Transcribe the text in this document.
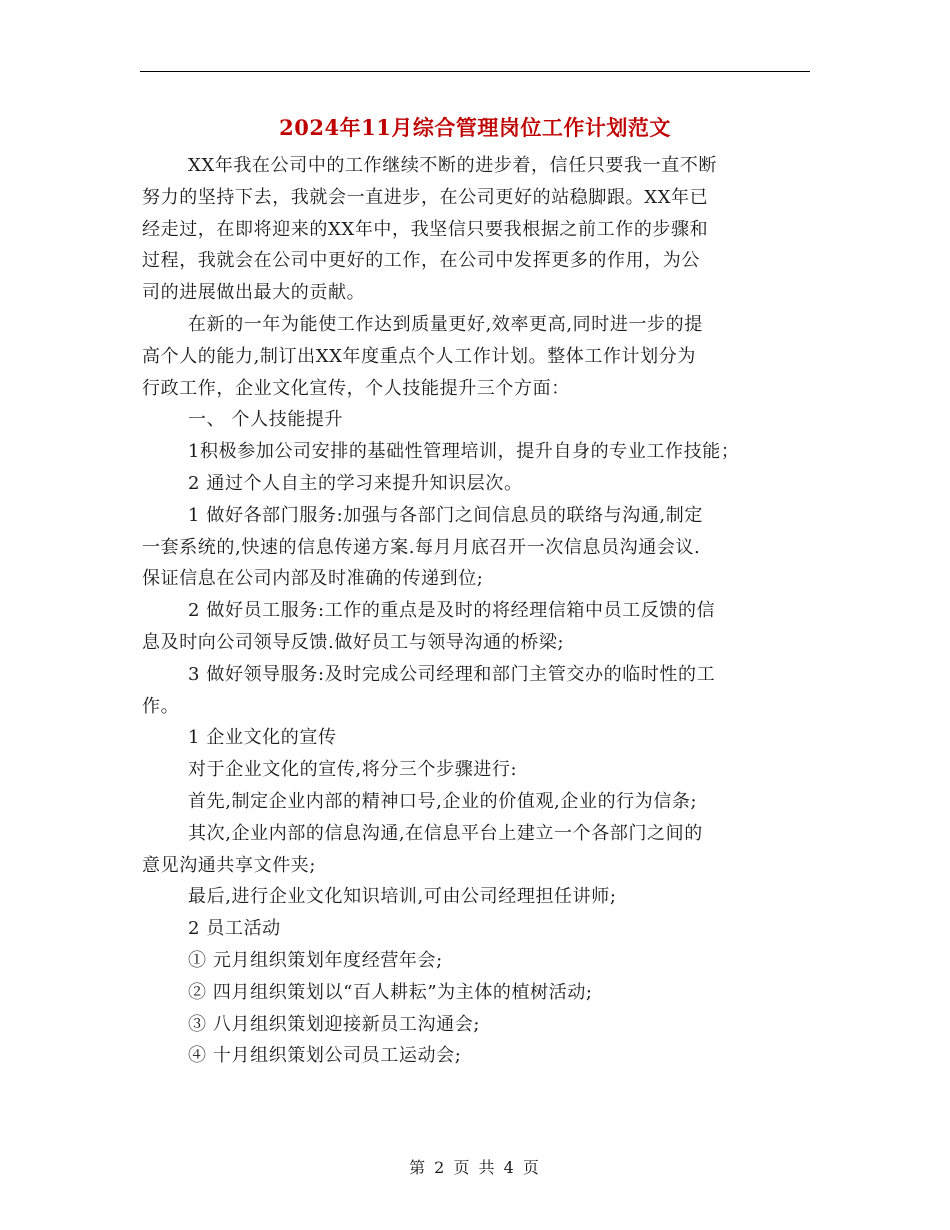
2024年11月综合管理岗位工作计划范文
XX年我在公司中的工作继续不断的进步着，信任只要我一直不断
努力的坚持下去，我就会一直进步，在公司更好的站稳脚跟。XX年已
经走过，在即将迎来的XX年中，我坚信只要我根据之前工作的步骤和
过程，我就会在公司中更好的工作，在公司中发挥更多的作用，为公
司的进展做出最大的贡献。
在新的一年为能使工作达到质量更好,效率更高,同时进一步的提
高个人的能力,制订出XX年度重点个人工作计划。整体工作计划分为
行政工作，企业文化宣传，个人技能提升三个方面：
一、 个人技能提升
1积极参加公司安排的基础性管理培训，提升自身的专业工作技能；
2 通过个人自主的学习来提升知识层次。
1 做好各部门服务:加强与各部门之间信息员的联络与沟通,制定
一套系统的,快速的信息传递方案.每月月底召开一次信息员沟通会议.
保证信息在公司内部及时准确的传递到位;
2 做好员工服务:工作的重点是及时的将经理信箱中员工反馈的信
息及时向公司领导反馈.做好员工与领导沟通的桥梁;
3 做好领导服务:及时完成公司经理和部门主管交办的临时性的工
作。
1 企业文化的宣传
对于企业文化的宣传,将分三个步骤进行:
首先,制定企业内部的精神口号,企业的价值观,企业的行为信条;
其次,企业内部的信息沟通,在信息平台上建立一个各部门之间的
意见沟通共享文件夹;
最后,进行企业文化知识培训,可由公司经理担任讲师;
2 员工活动
① 元月组织策划年度经营年会;
② 四月组织策划以“百人耕耘”为主体的植树活动;
③ 八月组织策划迎接新员工沟通会;
④ 十月组织策划公司员工运动会;
第 2 页 共 4 页
